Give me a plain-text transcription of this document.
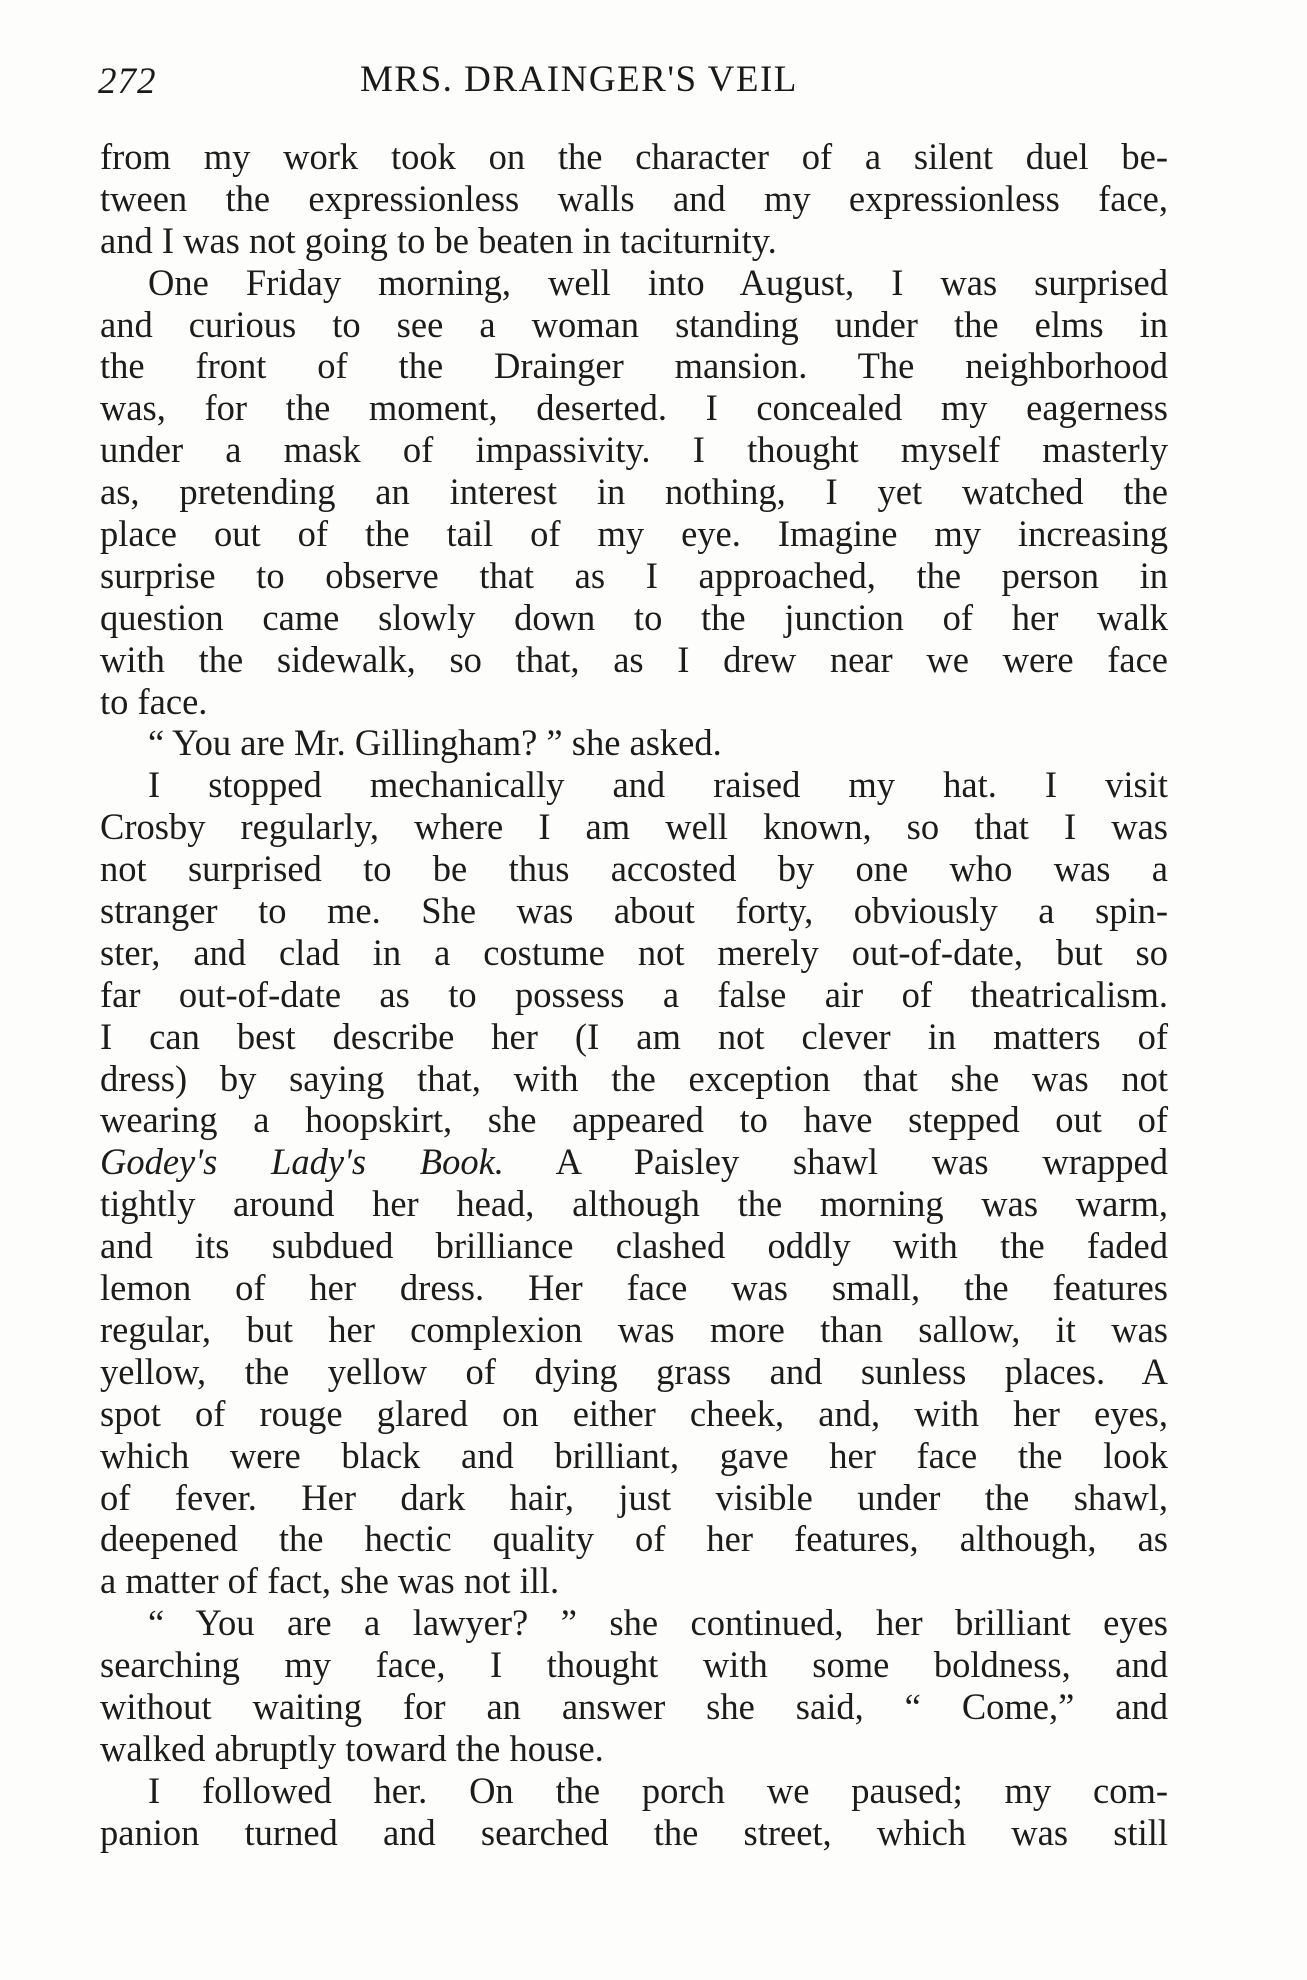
272	MRS. DRAINGER'S VEIL
from my work took on the character of a silent duel be-
tween the expressionless walls and my expressionless face,
and I was not going to be beaten in taciturnity.
One Friday morning, well into August, I was surprised
and curious to see a woman standing under the elms in
the front of the Drainger mansion. The neighborhood
was, for the moment, deserted. I concealed my eagerness
under a mask of impassivity. I thought myself masterly
as, pretending an interest in nothing, I yet watched the
place out of the tail of my eye. Imagine my increasing
surprise to observe that as I approached, the person in
question came slowly down to the junction of her walk
with the sidewalk, so that, as I drew near we were face
to face.
“ You are Mr. Gillingham? ” she asked.
I stopped mechanically and raised my hat. I visit
Crosby regularly, where I am well known, so that I was
not surprised to be thus accosted by one who was a
stranger to me. She was about forty, obviously a spin-
ster, and clad in a costume not merely out-of-date, but so
far out-of-date as to possess a false air of theatricalism.
I can best describe her (I am not clever in matters of
dress) by saying that, with the exception that she was not
wearing a hoopskirt, she appeared to have stepped out of
Godey's Lady's Book. A Paisley shawl was wrapped
tightly around her head, although the morning was warm,
and its subdued brilliance clashed oddly with the faded
lemon of her dress. Her face was small, the features
regular, but her complexion was more than sallow, it was
yellow, the yellow of dying grass and sunless places. A
spot of rouge glared on either cheek, and, with her eyes,
which were black and brilliant, gave her face the look
of fever. Her dark hair, just visible under the shawl,
deepened the hectic quality of her features, although, as
a matter of fact, she was not ill.
“ You are a lawyer? ” she continued, her brilliant eyes
searching my face, I thought with some boldness, and
without waiting for an answer she said, “ Come,” and
walked abruptly toward the house.
I followed her. On the porch we paused; my com-
panion turned and searched the street, which was still
